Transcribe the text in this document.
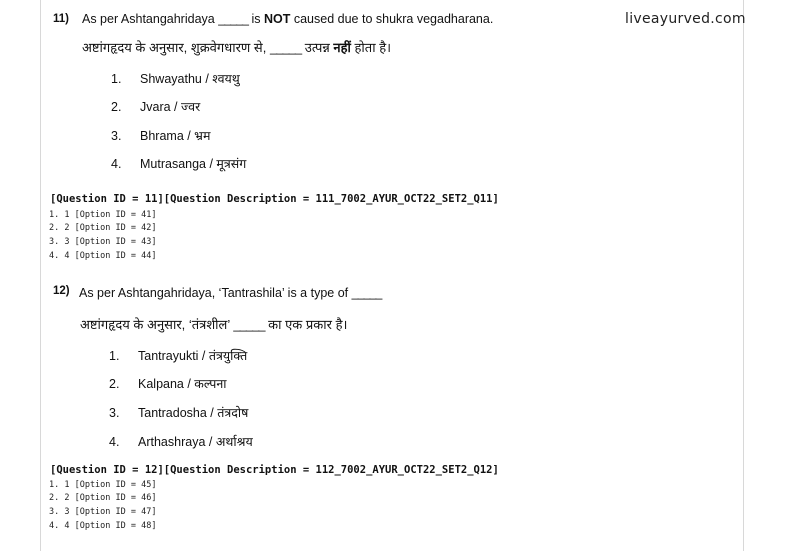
liveayurved.com
11) As per Ashtangahridaya _____ is NOT caused due to shukra vegadharana.
अष्टांगहृदय के अनुसार, शुक्रवेगधारण से, _____ उत्पन्न नहीं होता है।
1. Shwayathu / श्वयथु
2. Jvara / ज्वर
3. Bhrama / भ्रम
4. Mutrasanga / मूत्रसंग
[Question ID = 11][Question Description = 111_7002_AYUR_OCT22_SET2_Q11]
1. 1 [Option ID = 41]
2. 2 [Option ID = 42]
3. 3 [Option ID = 43]
4. 4 [Option ID = 44]
12) As per Ashtangahridaya, ‘Tantrashila’ is a type of _____
अष्टांगहृदय के अनुसार, ‘तंत्रशील’ _____ का एक प्रकार है।
1. Tantrayukti / तंत्रयुक्ति
2. Kalpana / कल्पना
3. Tantradosha / तंत्रदोष
4. Arthashraya / अर्थाश्रय
[Question ID = 12][Question Description = 112_7002_AYUR_OCT22_SET2_Q12]
1. 1 [Option ID = 45]
2. 2 [Option ID = 46]
3. 3 [Option ID = 47]
4. 4 [Option ID = 48]
